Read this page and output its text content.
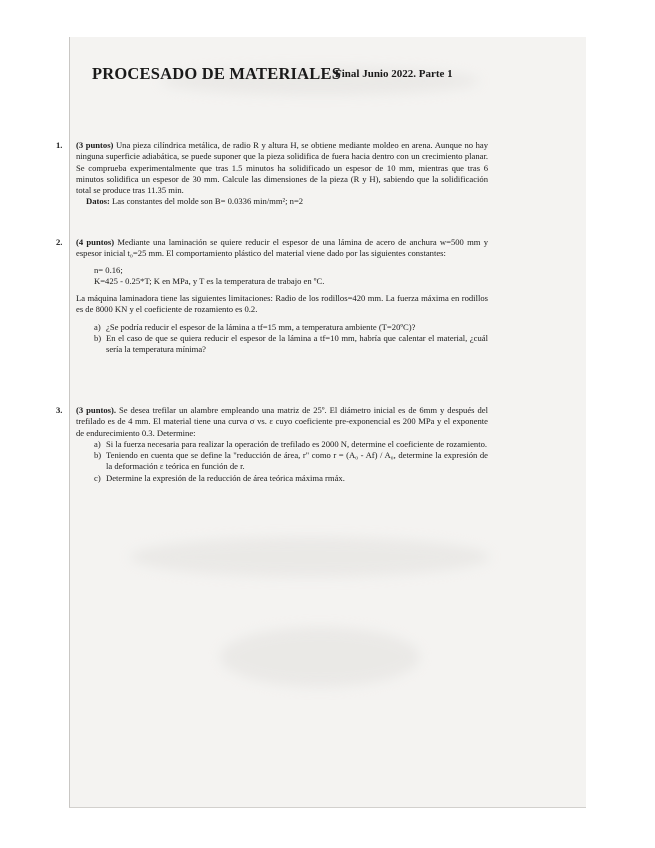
PROCESADO DE MATERIALES
Final Junio 2022. Parte 1
1. (3 puntos) Una pieza cilíndrica metálica, de radio R y altura H, se obtiene mediante moldeo en arena. Aunque no hay ninguna superficie adiabática, se puede suponer que la pieza solidifica de fuera hacia dentro con un crecimiento planar. Se comprueba experimentalmente que tras 1.5 minutos ha solidificado un espesor de 10 mm, mientras que tras 6 minutos solidifica un espesor de 30 mm. Calcule las dimensiones de la pieza (R y H), sabiendo que la solidificación total se produce tras 11.35 min.
Datos: Las constantes del molde son B= 0.0336 min/mm²; n=2
2. (4 puntos) Mediante una laminación se quiere reducir el espesor de una lámina de acero de anchura w=500 mm y espesor inicial t₀=25 mm. El comportamiento plástico del material viene dado por las siguientes constantes:
n= 0.16;
K=425 - 0.25*T; K en MPa, y T es la temperatura de trabajo en ºC.
La máquina laminadora tiene las siguientes limitaciones: Radio de los rodillos=420 mm. La fuerza máxima en rodillos es de 8000 KN y el coeficiente de rozamiento es 0.2.
a) ¿Se podría reducir el espesor de la lámina a tf=15 mm, a temperatura ambiente (T=20ºC)?
b) En el caso de que se quiera reducir el espesor de la lámina a tf=10 mm, habría que calentar el material, ¿cuál sería la temperatura mínima?
3. (3 puntos). Se desea trefilar un alambre empleando una matriz de 25º. El diámetro inicial es de 6mm y después del trefilado es de 4 mm. El material tiene una curva σ vs. ε cuyo coeficiente pre-exponencial es 200 MPa y el exponente de endurecimiento 0.3. Determine:
a) Si la fuerza necesaria para realizar la operación de trefilado es 2000 N, determine el coeficiente de rozamiento.
b) Teniendo en cuenta que se define la "reducción de área, r" como r = (A₀ - Af) / A₀, determine la expresión de la deformación ε teórica en función de r.
c) Determine la expresión de la reducción de área teórica máxima rmáx.
